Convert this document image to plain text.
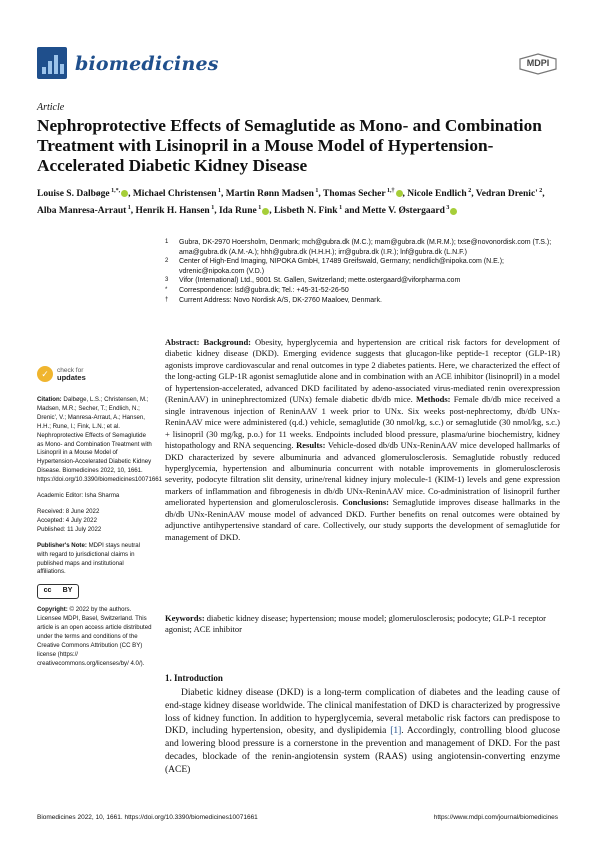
biomedicines	MDPI
Article
Nephroprotective Effects of Semaglutide as Mono- and Combination Treatment with Lisinopril in a Mouse Model of Hypertension-Accelerated Diabetic Kidney Disease
Louise S. Dalbøge $^{1,*,}$ , Michael Christensen $^1$, Martin Rønn Madsen $^1$, Thomas Secher $^{1,\dagger}$ , Nicole Endlich $^2$, Vedran Drenic' $^2$, Alba Manresa-Arraut $^1$, Henrik H. Hansen $^1$, Ida Rune $^1$ , Lisbeth N. Fink $^1$ and Mette V. Østergaard $^3$
1	Gubra, DK-2970 Hoersholm, Denmark; mch@gubra.dk (M.C.); mam@gubra.dk (M.R.M.); txse@novonordisk.com (T.S.); ama@gubra.dk (A.M.-A.); hhh@gubra.dk (H.H.H.); irr@gubra.dk (I.R.); lnf@gubra.dk (L.N.F.)
2	Center of High-End Imaging, NIPOKA GmbH, 17489 Greifswald, Germany; nendlich@nipoka.com (N.E.); vdrenic@nipoka.com (V.D.)
3	Vifor (International) Ltd., 9001 St. Gallen, Switzerland; mette.ostergaard@viforpharma.com
*	Correspondence: lsd@gubra.dk; Tel.: +45-31-52-26-50
†	Current Address: Novo Nordisk A/S, DK-2760 Maaloev, Denmark.
✓	check for
updates
Citation: Dalbøge, L.S.; Christensen, M.; Madsen, M.R.; Secher, T.; Endlich, N.; Drenic', V.; Manresa-Arraut, A.; Hansen, H.H.; Rune, I.; Fink, L.N.; et al. Nephroprotective Effects of Semaglutide as Mono- and Combination Treatment with Lisinopril in a Mouse Model of Hypertension-Accelerated Diabetic Kidney Disease. Biomedicines 2022, 10, 1661. https://doi.org/10.3390/biomedicines10071661
Academic Editor: Isha Sharma
Received: 8 June 2022
Accepted: 4 July 2022
Published: 11 July 2022
Publisher's Note: MDPI stays neutral with regard to jurisdictional claims in published maps and institutional affiliations.
cc BY
Copyright: © 2022 by the authors. Licensee MDPI, Basel, Switzerland. This article is an open access article distributed under the terms and conditions of the Creative Commons Attribution (CC BY) license (https:// creativecommons.org/licenses/by/ 4.0/).
Abstract: Background: Obesity, hyperglycemia and hypertension are critical risk factors for development of diabetic kidney disease (DKD). Emerging evidence suggests that glucagon-like peptide-1 receptor (GLP-1R) agonists improve cardiovascular and renal outcomes in type 2 diabetes patients. Here, we characterized the effect of the long-acting GLP-1R agonist semaglutide alone and in combination with an ACE inhibitor (lisinopril) in a model of hypertension-accelerated, advanced DKD facilitated by adeno-associated virus-mediated renin overexpression (ReninAAV) in uninephrectomized (UNx) female diabetic db/db mice. Methods: Female db/db mice received a single intravenous injection of ReninAAV 1 week prior to UNx. Six weeks post-nephrectomy, db/db UNx-ReninAAV mice were administered (q.d.) vehicle, semaglutide (30 nmol/kg, s.c.) or semaglutide (30 nmol/kg, s.c.) + lisinopril (30 mg/kg, p.o.) for 11 weeks. Endpoints included blood pressure, plasma/urine biochemistry, kidney histopathology and RNA sequencing. Results: Vehicle-dosed db/db UNx-ReninAAV mice developed hallmarks of DKD characterized by severe albuminuria and advanced glomerulosclerosis. Semaglutide robustly reduced hyperglycemia, hypertension and albuminuria concurrent with notable improvements in glomerulosclerosis severity, podocyte filtration slit density, urine/renal kidney injury molecule-1 (KIM-1) levels and gene expression markers of inflammation and fibrogenesis in db/db UNx-ReninAAV mice. Co-administration of lisinopril further ameliorated hypertension and glomerulosclerosis. Conclusions: Semaglutide improves disease hallmarks in the db/db UNx-ReninAAV mouse model of advanced DKD. Further benefits on renal outcomes were obtained by adjunctive antihypertensive standard of care. Collectively, our study supports the development of semaglutide for management of DKD.
Keywords: diabetic kidney disease; hypertension; mouse model; glomerulosclerosis; podocyte; GLP-1 receptor agonist; ACE inhibitor
1. Introduction
Diabetic kidney disease (DKD) is a long-term complication of diabetes and the leading cause of end-stage kidney disease worldwide. The clinical manifestation of DKD is characterized by progressive loss of kidney function. In addition to hyperglycemia, several metabolic risk factors can predispose to DKD, including hypertension, obesity, and dyslipidemia [1]. Accordingly, controlling blood glucose and lowering blood pressure is a cornerstone in the prevention and management of DKD. For the past decades, blockade of the renin-angiotensin system (RAAS) using angiotensin-converting enzyme (ACE)
Biomedicines 2022, 10, 1661. https://doi.org/10.3390/biomedicines10071661	https://www.mdpi.com/journal/biomedicines
